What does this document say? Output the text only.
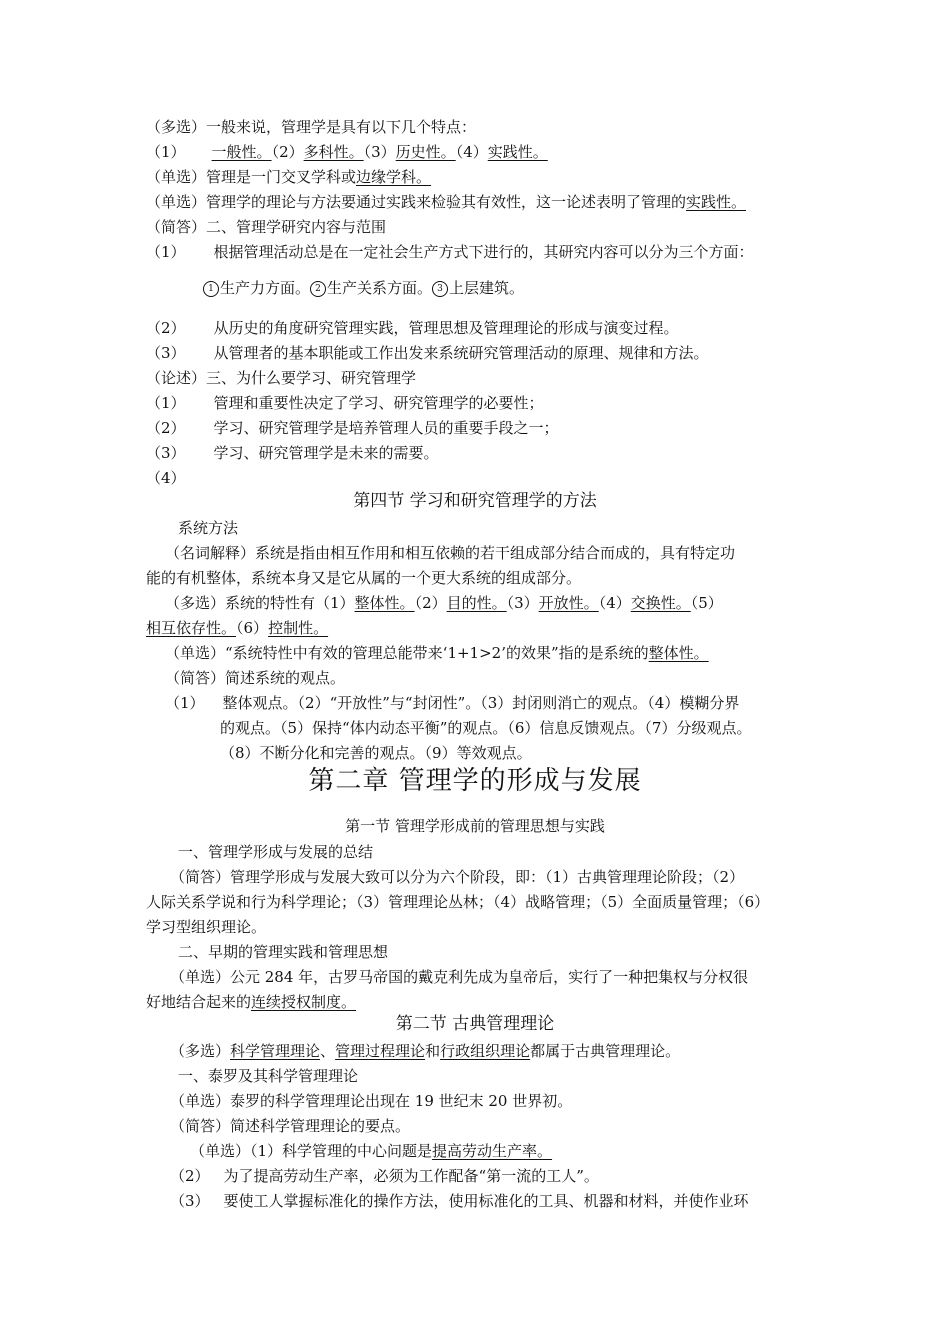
（多选）一般来说，管理学是具有以下几个特点：
（1） 一般性。（2）多科性。（3）历史性。（4）实践性。
（单选）管理是一门交叉学科或边缘学科。
（单选）管理学的理论与方法要通过实践来检验其有效性，这一论述表明了管理的实践性。
（简答）二、管理学研究内容与范围
（1） 根据管理活动总是在一定社会生产方式下进行的，其研究内容可以分为三个方面：
1 生产力方面。 2 生产关系方面。 3 上层建筑。
（2） 从历史的角度研究管理实践，管理思想及管理理论的形成与演变过程。
（3） 从管理者的基本职能或工作出发来系统研究管理活动的原理、规律和方法。
（论述）三、为什么要学习、研究管理学
（1） 管理和重要性决定了学习、研究管理学的必要性；
（2） 学习、研究管理学是培养管理人员的重要手段之一；
（3） 学习、研究管理学是未来的需要。
（4）
第四节 学习和研究管理学的方法
系统方法
（名词解释）系统是指由相互作用和相互依赖的若干组成部分结合而成的，具有特定功
能的有机整体，系统本身又是它从属的一个更大系统的组成部分。
（多选）系统的特性有（1）整体性。（2）目的性。（3）开放性。（4）交换性。（5）
相互依存性。（6）控制性。
（单选）“系统特性中有效的管理总能带来‘1+1>2’的效果”指的是系统的整体性。
（简答）简述系统的观点。
（1） 整体观点。（2）“开放性”与“封闭性”。（3）封闭则消亡的观点。（4）模糊分界
的观点。（5）保持“体内动态平衡”的观点。（6）信息反馈观点。（7）分级观点。
（8）不断分化和完善的观点。（9）等效观点。
第二章 管理学的形成与发展
第一节 管理学形成前的管理思想与实践
一、管理学形成与发展的总结
（简答）管理学形成与发展大致可以分为六个阶段，即：（1）古典管理理论阶段；（2）
人际关系学说和行为科学理论；（3）管理理论丛林；（4）战略管理；（5）全面质量管理；（6）
学习型组织理论。
二、早期的管理实践和管理思想
（单选）公元 284 年，古罗马帝国的戴克利先成为皇帝后，实行了一种把集权与分权很
好地结合起来的连续授权制度。
第二节 古典管理理论
（多选）科学管理理论、管理过程理论和行政组织理论都属于古典管理理论。
一、泰罗及其科学管理理论
（单选）泰罗的科学管理理论出现在 19 世纪末 20 世界初。
（简答）简述科学管理理论的要点。
（单选）（1）科学管理的中心问题是提高劳动生产率。
（2） 为了提高劳动生产率，必须为工作配备“第一流的工人”。
（3） 要使工人掌握标准化的操作方法，使用标准化的工具、机器和材料，并使作业环
